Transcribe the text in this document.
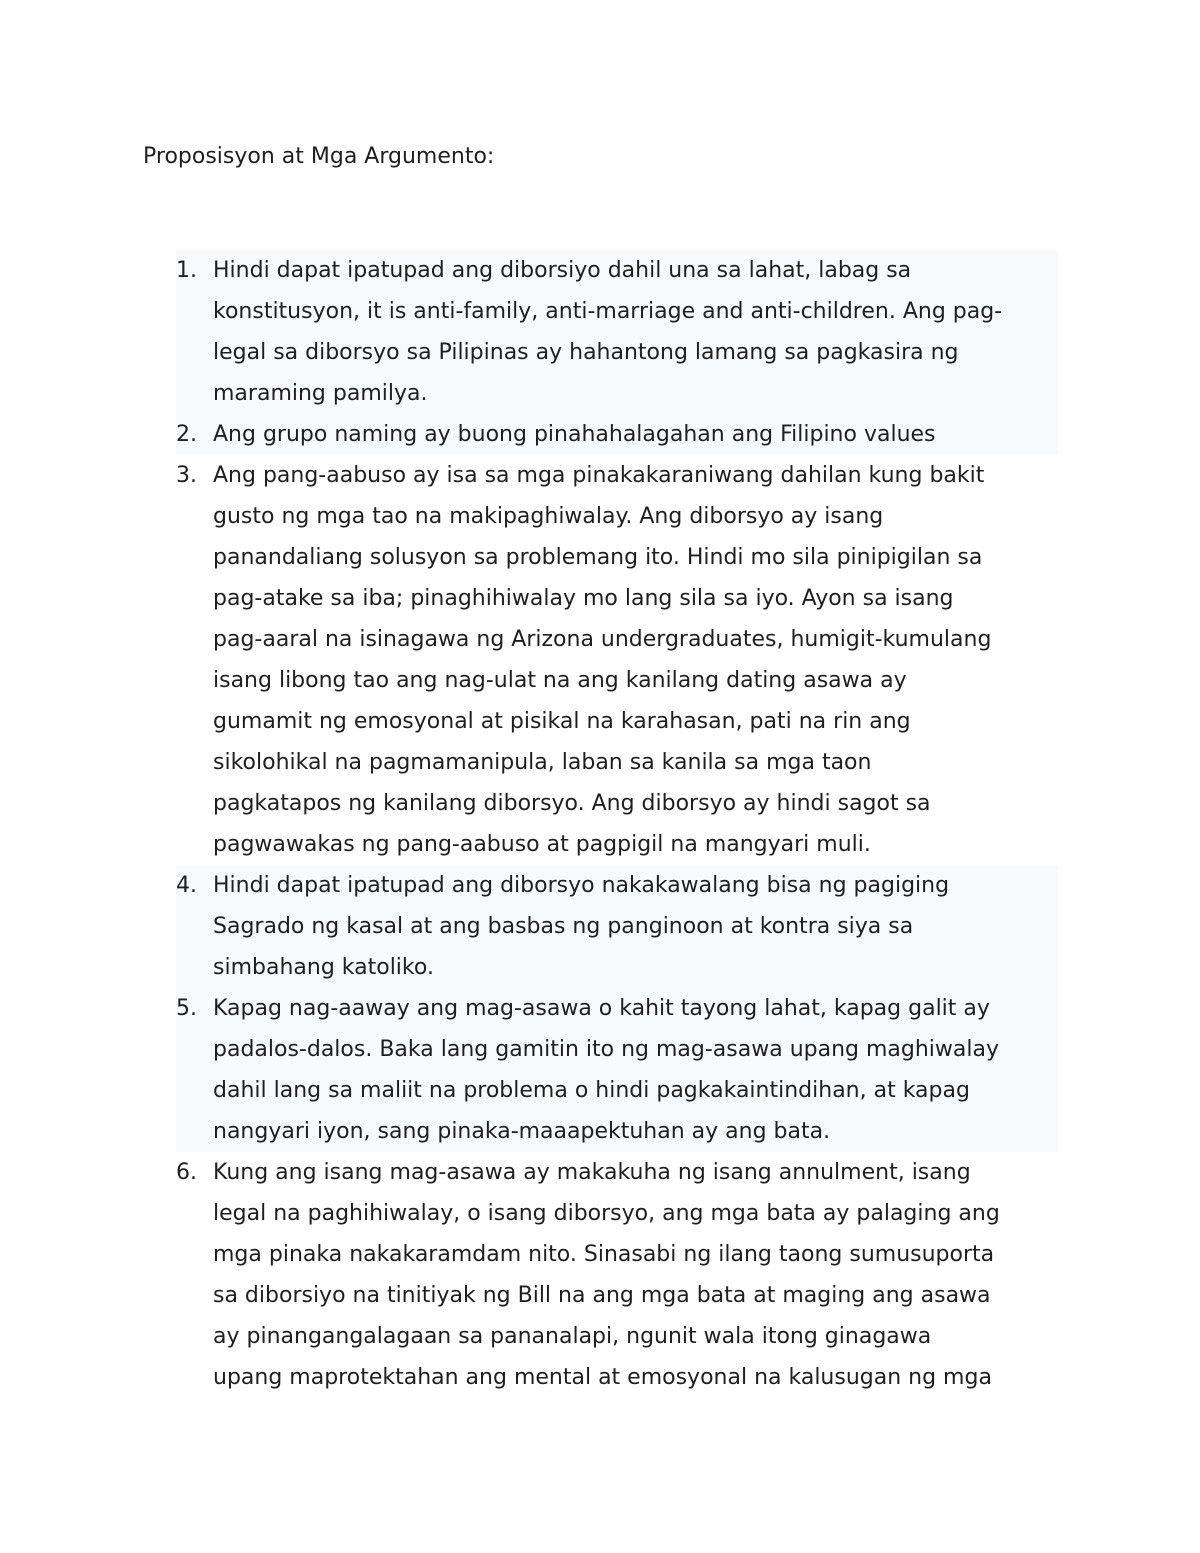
Proposisyon at Mga Argumento:
1. Hindi dapat ipatupad ang diborsiyo dahil una sa lahat, labag sa
konstitusyon, it is anti-family, anti-marriage and anti-children. Ang pag-
legal sa diborsyo sa Pilipinas ay hahantong lamang sa pagkasira ng
maraming pamilya.
2. Ang grupo naming ay buong pinahahalagahan ang Filipino values
3. Ang pang-aabuso ay isa sa mga pinakakaraniwang dahilan kung bakit
gusto ng mga tao na makipaghiwalay. Ang diborsyo ay isang
panandaliang solusyon sa problemang ito. Hindi mo sila pinipigilan sa
pag-atake sa iba; pinaghihiwalay mo lang sila sa iyo. Ayon sa isang
pag-aaral na isinagawa ng Arizona undergraduates, humigit-kumulang
isang libong tao ang nag-ulat na ang kanilang dating asawa ay
gumamit ng emosyonal at pisikal na karahasan, pati na rin ang
sikolohikal na pagmamanipula, laban sa kanila sa mga taon
pagkatapos ng kanilang diborsyo. Ang diborsyo ay hindi sagot sa
pagwawakas ng pang-aabuso at pagpigil na mangyari muli.
4. Hindi dapat ipatupad ang diborsyo nakakawalang bisa ng pagiging
Sagrado ng kasal at ang basbas ng panginoon at kontra siya sa
simbahang katoliko.
5. Kapag nag-aaway ang mag-asawa o kahit tayong lahat, kapag galit ay
padalos-dalos. Baka lang gamitin ito ng mag-asawa upang maghiwalay
dahil lang sa maliit na problema o hindi pagkakaintindihan, at kapag
nangyari iyon, sang pinaka-maaapektuhan ay ang bata.
6. Kung ang isang mag-asawa ay makakuha ng isang annulment, isang
legal na paghihiwalay, o isang diborsyo, ang mga bata ay palaging ang
mga pinaka nakakaramdam nito. Sinasabi ng ilang taong sumusuporta
sa diborsiyo na tinitiyak ng Bill na ang mga bata at maging ang asawa
ay pinangangalagaan sa pananalapi, ngunit wala itong ginagawa
upang maprotektahan ang mental at emosyonal na kalusugan ng mga
